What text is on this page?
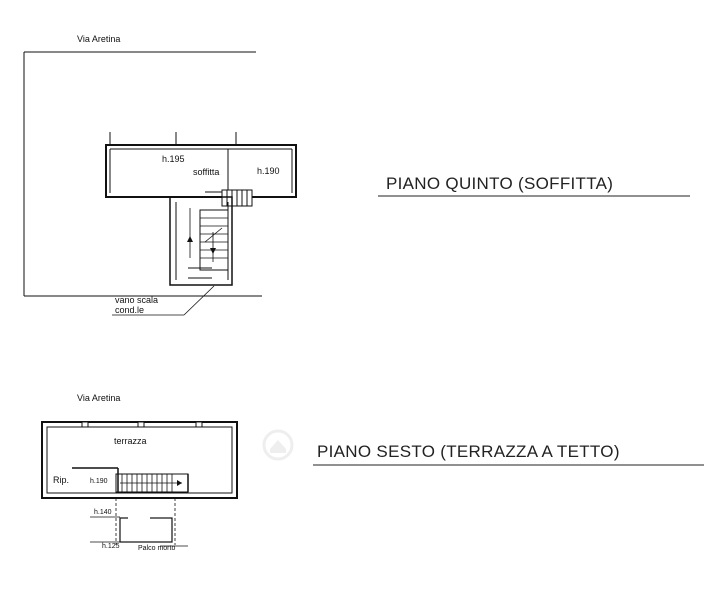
Via Aretina
h.195
soffitta	h.190
vano scala
cond.le
PIANO QUINTO (SOFFITTA)
Via Aretina
terrazza
Rip.	h.190
h.140
h.125	Palco morto
PIANO SESTO (TERRAZZA A TETTO)
